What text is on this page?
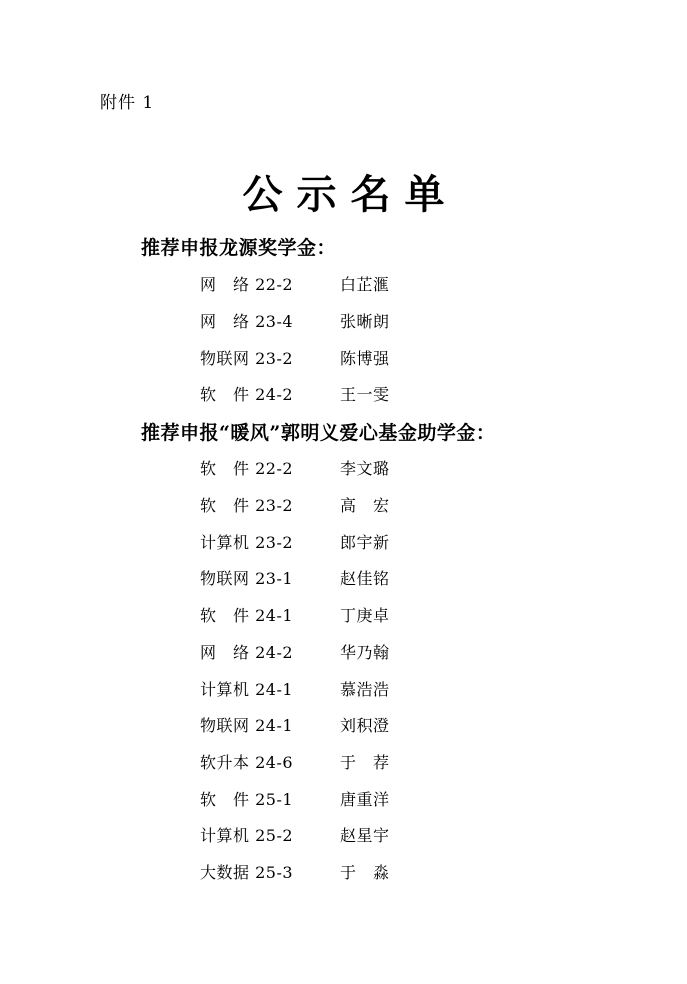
附件 1
公示名单
推荐申报龙源奖学金：
网　络 22-2	白芷滙
网　络 23-4	张晰朗
物联网 23-2	陈博强
软　件 24-2	王一雯
推荐申报“暖风”郭明义爱心基金助学金：
软　件 22-2	李文璐
软　件 23-2	高　宏
计算机 23-2	郎宇新
物联网 23-1	赵佳铭
软　件 24-1	丁庚卓
网　络 24-2	华乃翰
计算机 24-1	慕浩浩
物联网 24-1	刘积澄
软升本 24-6	于　荐
软　件 25-1	唐重洋
计算机 25-2	赵星宇
大数据 25-3	于　淼
